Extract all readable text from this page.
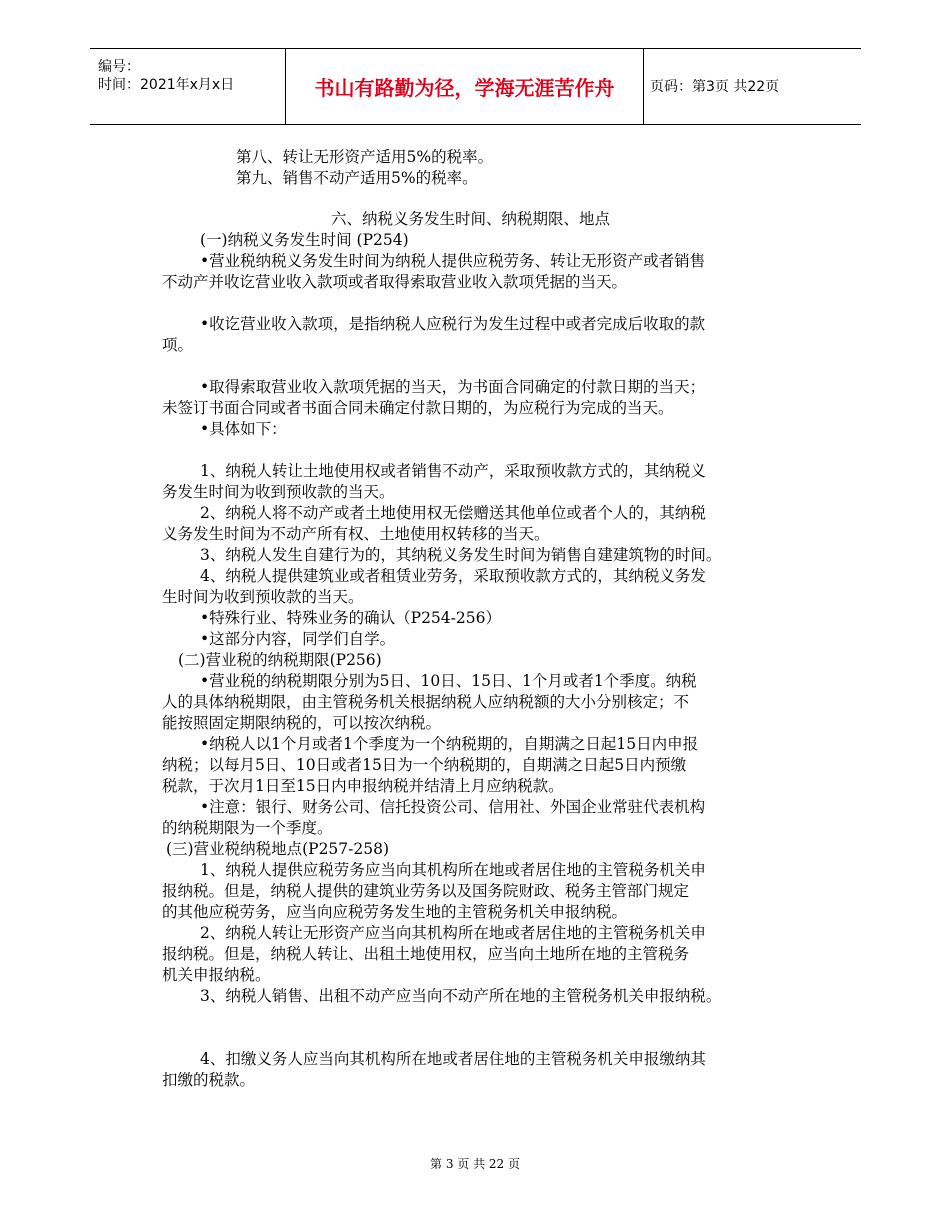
编号：
时间：2021年x月x日	书山有路勤为径，学海无涯苦作舟	页码：第3页 共22页
第八、转让无形资产适用5%的税率。
第九、销售不动产适用5%的税率。
六、纳税义务发生时间、纳税期限、地点
(一)纳税义务发生时间 (P254)
•营业税纳税义务发生时间为纳税人提供应税劳务、转让无形资产或者销售
不动产并收讫营业收入款项或者取得索取营业收入款项凭据的当天。
•收讫营业收入款项，是指纳税人应税行为发生过程中或者完成后收取的款
项。
•取得索取营业收入款项凭据的当天，为书面合同确定的付款日期的当天；
未签订书面合同或者书面合同未确定付款日期的，为应税行为完成的当天。
•具体如下：
1、纳税人转让土地使用权或者销售不动产，采取预收款方式的，其纳税义
务发生时间为收到预收款的当天。
2、纳税人将不动产或者土地使用权无偿赠送其他单位或者个人的，其纳税
义务发生时间为不动产所有权、土地使用权转移的当天。
3、纳税人发生自建行为的，其纳税义务发生时间为销售自建建筑物的时间。
4、纳税人提供建筑业或者租赁业劳务，采取预收款方式的，其纳税义务发
生时间为收到预收款的当天。
•特殊行业、特殊业务的确认（P254-256）
•这部分内容，同学们自学。
(二)营业税的纳税期限(P256)
•营业税的纳税期限分别为5日、10日、15日、1个月或者1个季度。纳税
人的具体纳税期限，由主管税务机关根据纳税人应纳税额的大小分别核定；不
能按照固定期限纳税的，可以按次纳税。
•纳税人以1个月或者1个季度为一个纳税期的，自期满之日起15日内申报
纳税；以每月5日、10日或者15日为一个纳税期的，自期满之日起5日内预缴
税款，于次月1日至15日内申报纳税并结清上月应纳税款。
•注意：银行、财务公司、信托投资公司、信用社、外国企业常驻代表机构
的纳税期限为一个季度。
(三)营业税纳税地点(P257-258)
1、纳税人提供应税劳务应当向其机构所在地或者居住地的主管税务机关申
报纳税。但是，纳税人提供的建筑业劳务以及国务院财政、税务主管部门规定
的其他应税劳务，应当向应税劳务发生地的主管税务机关申报纳税。
2、纳税人转让无形资产应当向其机构所在地或者居住地的主管税务机关申
报纳税。但是，纳税人转让、出租土地使用权，应当向土地所在地的主管税务
机关申报纳税。
3、纳税人销售、出租不动产应当向不动产所在地的主管税务机关申报纳税。
4、扣缴义务人应当向其机构所在地或者居住地的主管税务机关申报缴纳其
扣缴的税款。
第 3 页 共 22 页
